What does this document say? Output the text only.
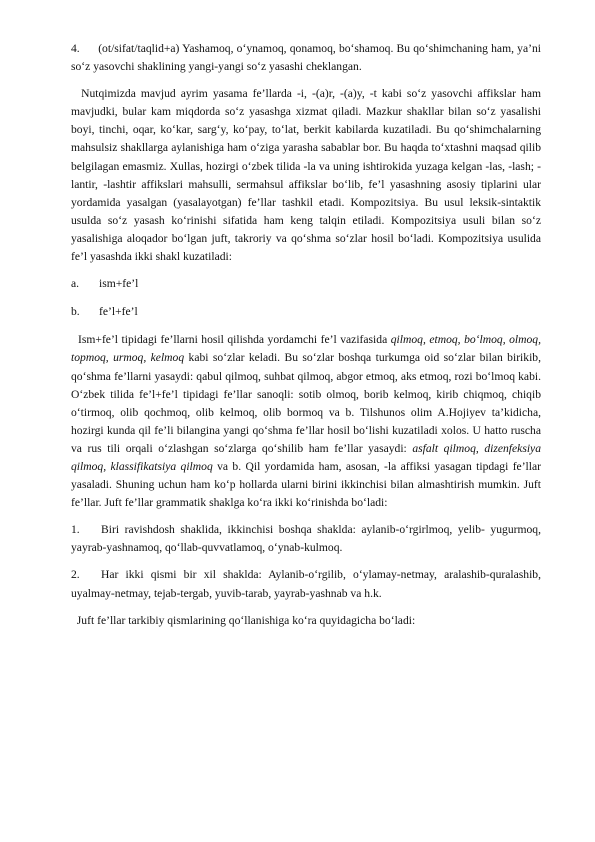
4. (ot/sifat/taqlid+a) Yashamoq, o‘ynamoq, qonamoq, bo‘shamoq. Bu qo‘shimchaning ham, ya’ni so‘z yasovchi shaklining yangi-yangi so‘z yasashi cheklangan.

Nutqimizda mavjud ayrim yasama fe’llarda -i, -(a)r, -(a)y, -t kabi so‘z yasovchi affikslar ham mavjudki, bular kam miqdorda so‘z yasashga xizmat qiladi. Mazkur shakllar bilan so‘z yasalishi boyi, tinchi, oqar, ko‘kar, sarg‘y, ko‘pay, to‘lat, berkit kabilarda kuzatiladi. Bu qo‘shimchalarning mahsulsiz shakllarga aylanishiga ham o‘ziga yarasha sabablar bor. Bu haqda to‘xtashni maqsad qilib belgilagan emasmiz. Xullas, hozirgi o‘zbek tilida -la va uning ishtirokida yuzaga kelgan -las, -lash; -lantir, -lashtir affikslari mahsulli, sermahsul affikslar bo‘lib, fe’l yasashning asosiy tiplarini ular yordamida yasalgan (yasalayotgan) fe’llar tashkil etadi. Kompozitsiya. Bu usul leksik-sintaktik usulda so‘z yasash ko‘rinishi sifatida ham keng talqin etiladi. Kompozitsiya usuli bilan so‘z yasalishiga aloqador bo‘lgan juft, takroriy va qo‘shma so‘zlar hosil bo‘ladi. Kompozitsiya usulida fe’l yasashda ikki shakl kuzatiladi:

a. ism+fe’l
b. fe’l+fe’l

Ism+fe’l tipidagi fe’llarni hosil qilishda yordamchi fe’l vazifasida qilmoq, etmoq, bo‘lmoq, olmoq, topmoq, urmoq, kelmoq kabi so‘zlar keladi. Bu so‘zlar boshqa turkumga oid so‘zlar bilan birikib, qo‘shma fe’llarni yasaydi: qabul qilmoq, suhbat qilmoq, abgor etmoq, aks etmoq, rozi bo‘lmoq kabi. O‘zbek tilida fe’l+fe’l tipidagi fe’llar sanoqli: sotib olmoq, borib kelmoq, kirib chiqmoq, chiqib o‘tirmoq, olib qochmoq, olib kelmoq, olib bormoq va b. Tilshunos olim A.Hojiyev ta’kidicha, hozirgi kunda qil fe’li bilangina yangi qo‘shma fe’llar hosil bo‘lishi kuzatiladi xolos. U hatto ruscha va rus tili orqali o‘zlashgan so‘zlarga qo‘shilib ham fe’llar yasaydi: asfalt qilmoq, dizenfeksiya qilmoq, klassifikatsiya qilmoq va b. Qil yordamida ham, asosan, -la affiksi yasagan tipdagi fe’llar yasaladi. Shuning uchun ham ko‘p hollarda ularni birini ikkinchisi bilan almashtirish mumkin. Juft fe’llar. Juft fe’llar grammatik shaklga ko‘ra ikki ko‘rinishda bo‘ladi:

1. Biri ravishdosh shaklida, ikkinchisi boshqa shaklda: aylanib-o‘rgirlmoq, yelib- yugurmoq, yayrab-yashnamoq, qo‘llab-quvvatlamoq, o‘ynab-kulmoq.

2. Har ikki qismi bir xil shaklda: Aylanib-o‘rgilib, o‘ylamay-netmay, aralashib-quralashib, uyalmay-netmay, tejab-tergab, yuvib-tarab, yayrab-yashnab va h.k.

Juft fe’llar tarkibiy qismlarining qo‘llanishiga ko‘ra quyidagicha bo‘ladi:
